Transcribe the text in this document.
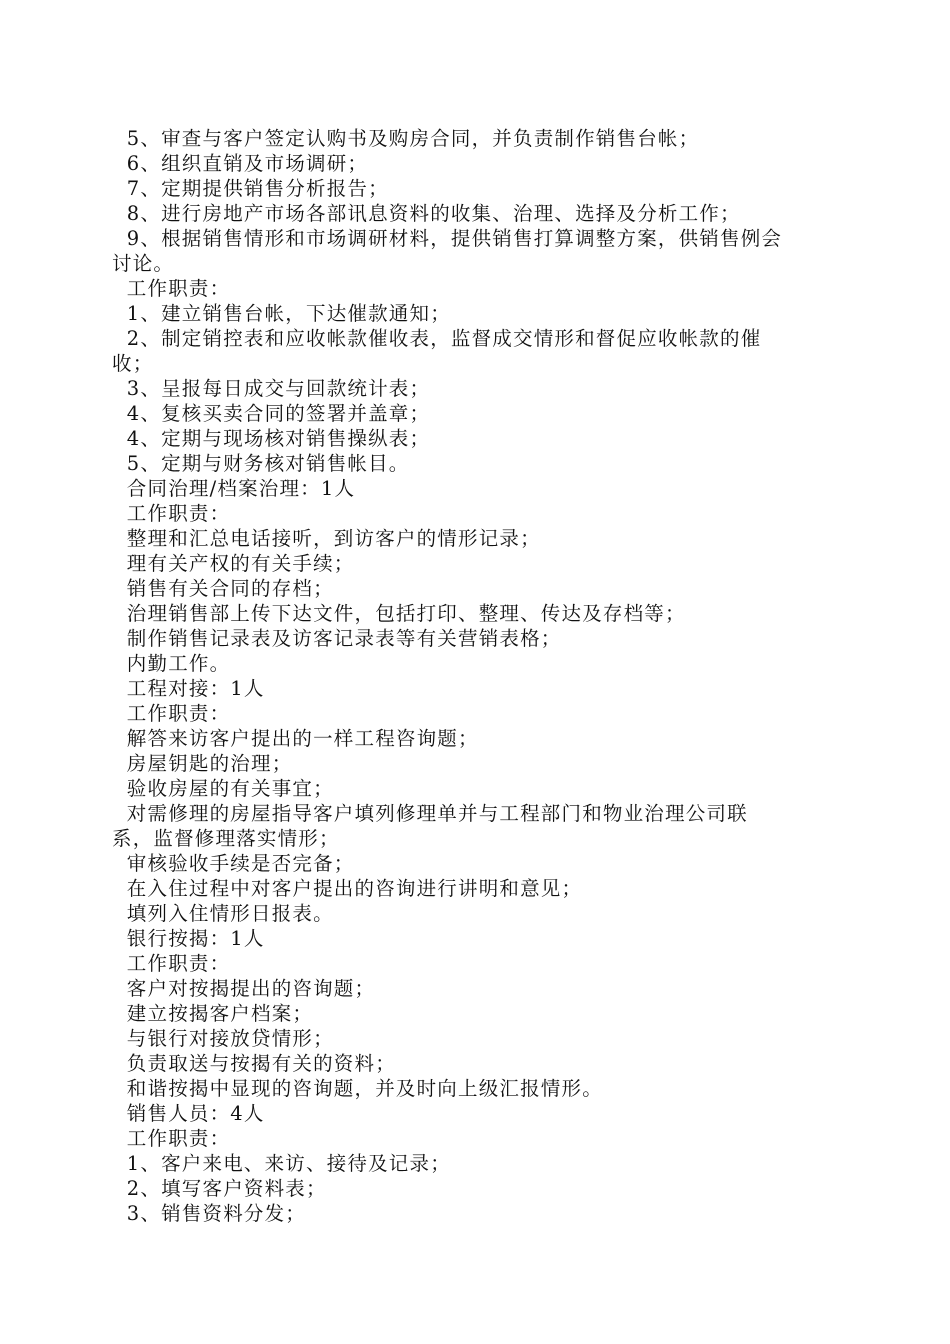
5、审查与客户签定认购书及购房合同，并负责制作销售台帐；

6、组织直销及市场调研；

7、定期提供销售分析报告；

8、进行房地产市场各部讯息资料的收集、治理、选择及分析工作；

9、根据销售情形和市场调研材料，提供销售打算调整方案，供销售例会

讨论。

工作职责：

1、建立销售台帐，下达催款通知；

2、制定销控表和应收帐款催收表，监督成交情形和督促应收帐款的催

收；

3、呈报每日成交与回款统计表；

4、复核买卖合同的签署并盖章；

4、定期与现场核对销售操纵表；

5、定期与财务核对销售帐目。

合同治理/档案治理：1人

工作职责：

整理和汇总电话接听，到访客户的情形记录；

理有关产权的有关手续；

销售有关合同的存档；

治理销售部上传下达文件，包括打印、整理、传达及存档等；

制作销售记录表及访客记录表等有关营销表格；

内勤工作。

工程对接：1人

工作职责：

解答来访客户提出的一样工程咨询题；

房屋钥匙的治理；

验收房屋的有关事宜；

对需修理的房屋指导客户填列修理单并与工程部门和物业治理公司联

系，监督修理落实情形；

审核验收手续是否完备；

在入住过程中对客户提出的咨询进行讲明和意见；

填列入住情形日报表。

银行按揭：1人

工作职责：

客户对按揭提出的咨询题；

建立按揭客户档案；

与银行对接放贷情形；

负责取送与按揭有关的资料；

和谐按揭中显现的咨询题，并及时向上级汇报情形。

销售人员：4人

工作职责：

1、客户来电、来访、接待及记录；

2、填写客户资料表；

3、销售资料分发；
